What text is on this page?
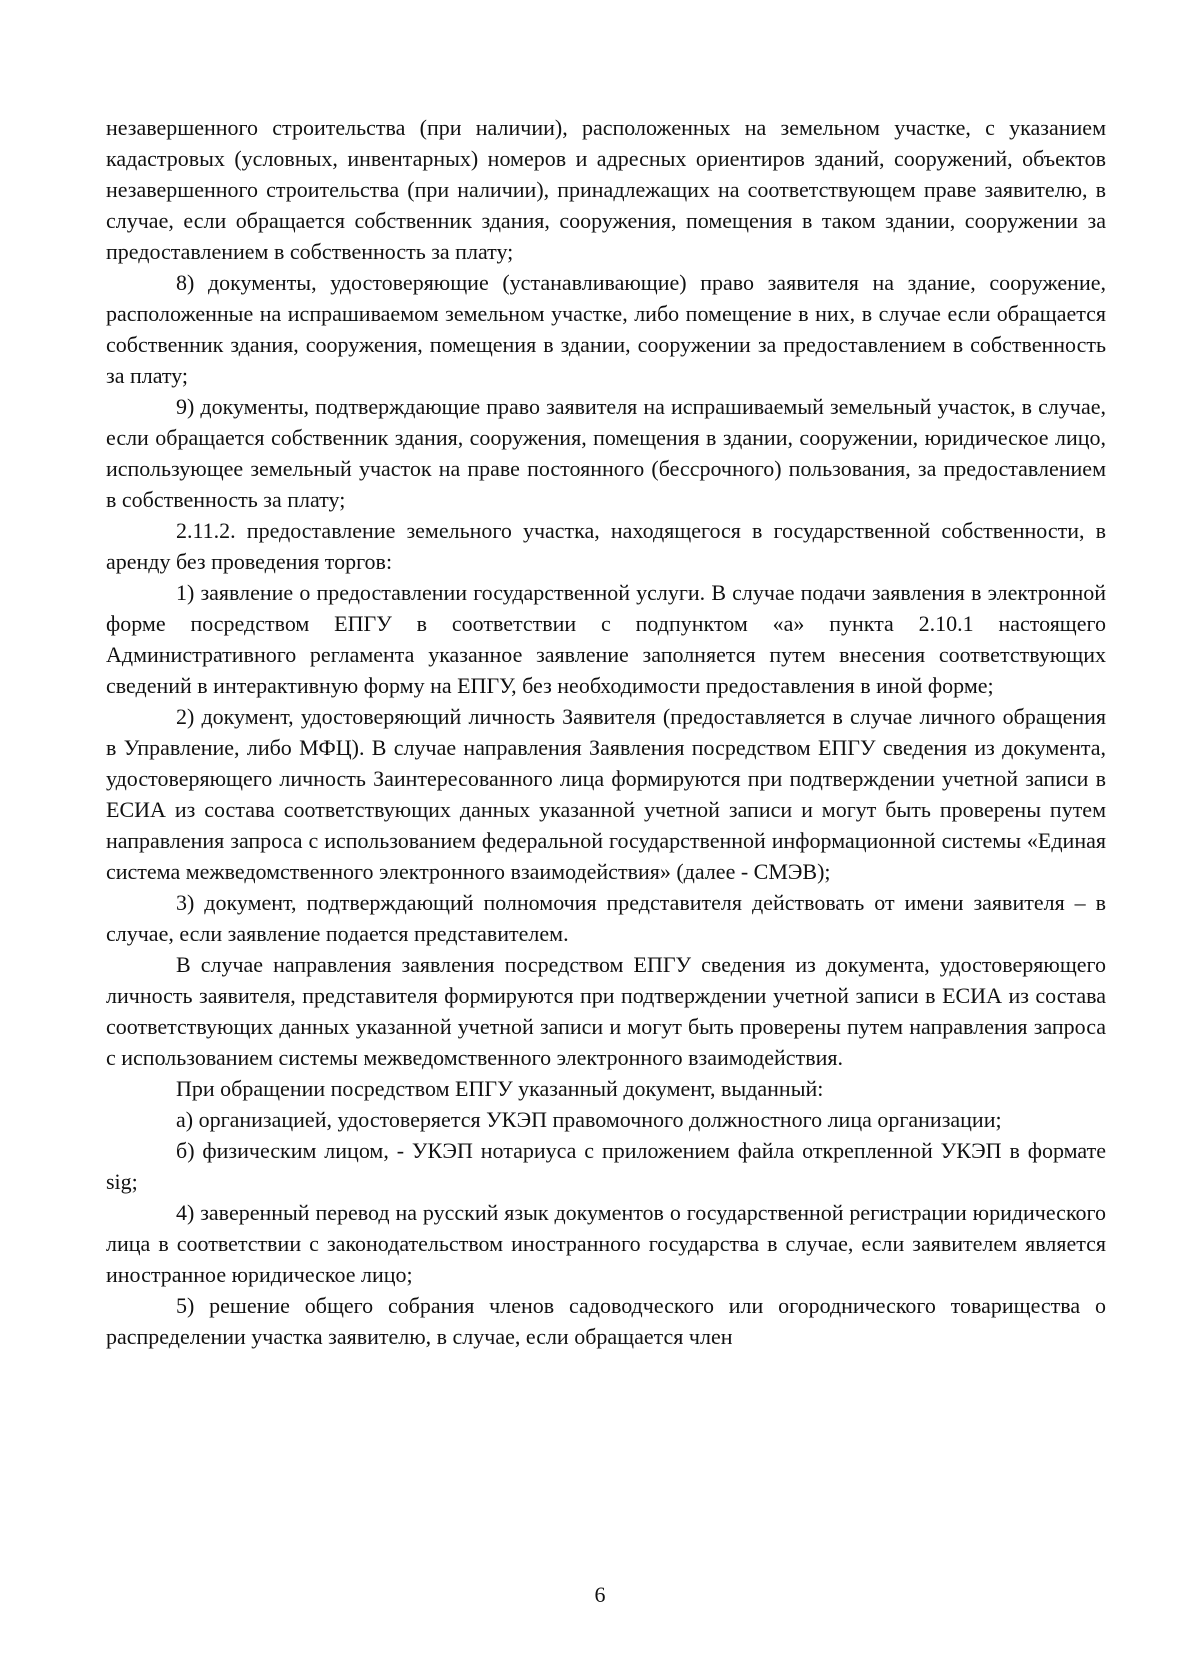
незавершенного строительства (при наличии), расположенных на земельном участке, с указанием кадастровых (условных, инвентарных) номеров и адресных ориентиров зданий, сооружений, объектов незавершенного строительства (при наличии), принадлежащих на соответствующем праве заявителю, в случае, если обращается собственник здания, сооружения, помещения в таком здании, сооружении за предоставлением в собственность за плату;

8) документы, удостоверяющие (устанавливающие) право заявителя на здание, сооружение, расположенные на испрашиваемом земельном участке, либо помещение в них, в случае если обращается собственник здания, сооружения, помещения в здании, сооружении за предоставлением в собственность за плату;

9) документы, подтверждающие право заявителя на испрашиваемый земельный участок, в случае, если обращается собственник здания, сооружения, помещения в здании, сооружении, юридическое лицо, использующее земельный участок на праве постоянного (бессрочного) пользования, за предоставлением в собственность за плату;

2.11.2. предоставление земельного участка, находящегося в государственной собственности, в аренду без проведения торгов:

1) заявление о предоставлении государственной услуги. В случае подачи заявления в электронной форме посредством ЕПГУ в соответствии с подпунктом «а» пункта 2.10.1 настоящего Административного регламента указанное заявление заполняется путем внесения соответствующих сведений в интерактивную форму на ЕПГУ, без необходимости предоставления в иной форме;

2) документ, удостоверяющий личность Заявителя (предоставляется в случае личного обращения в Управление, либо МФЦ). В случае направления Заявления посредством ЕПГУ сведения из документа, удостоверяющего личность Заинтересованного лица формируются при подтверждении учетной записи в ЕСИА из состава соответствующих данных указанной учетной записи и могут быть проверены путем направления запроса с использованием федеральной государственной информационной системы «Единая система межведомственного электронного взаимодействия» (далее - СМЭВ);

3) документ, подтверждающий полномочия представителя действовать от имени заявителя – в случае, если заявление подается представителем.

В случае направления заявления посредством ЕПГУ сведения из документа, удостоверяющего личность заявителя, представителя формируются при подтверждении учетной записи в ЕСИА из состава соответствующих данных указанной учетной записи и могут быть проверены путем направления запроса с использованием системы межведомственного электронного взаимодействия.

При обращении посредством ЕПГУ указанный документ, выданный:

а) организацией, удостоверяется УКЭП правомочного должностного лица организации;

б) физическим лицом, - УКЭП нотариуса с приложением файла открепленной УКЭП в формате sig;

4) заверенный перевод на русский язык документов о государственной регистрации юридического лица в соответствии с законодательством иностранного государства в случае, если заявителем является иностранное юридическое лицо;

5) решение общего собрания членов садоводческого или огороднического товарищества о распределении участка заявителю, в случае, если обращается член

6
